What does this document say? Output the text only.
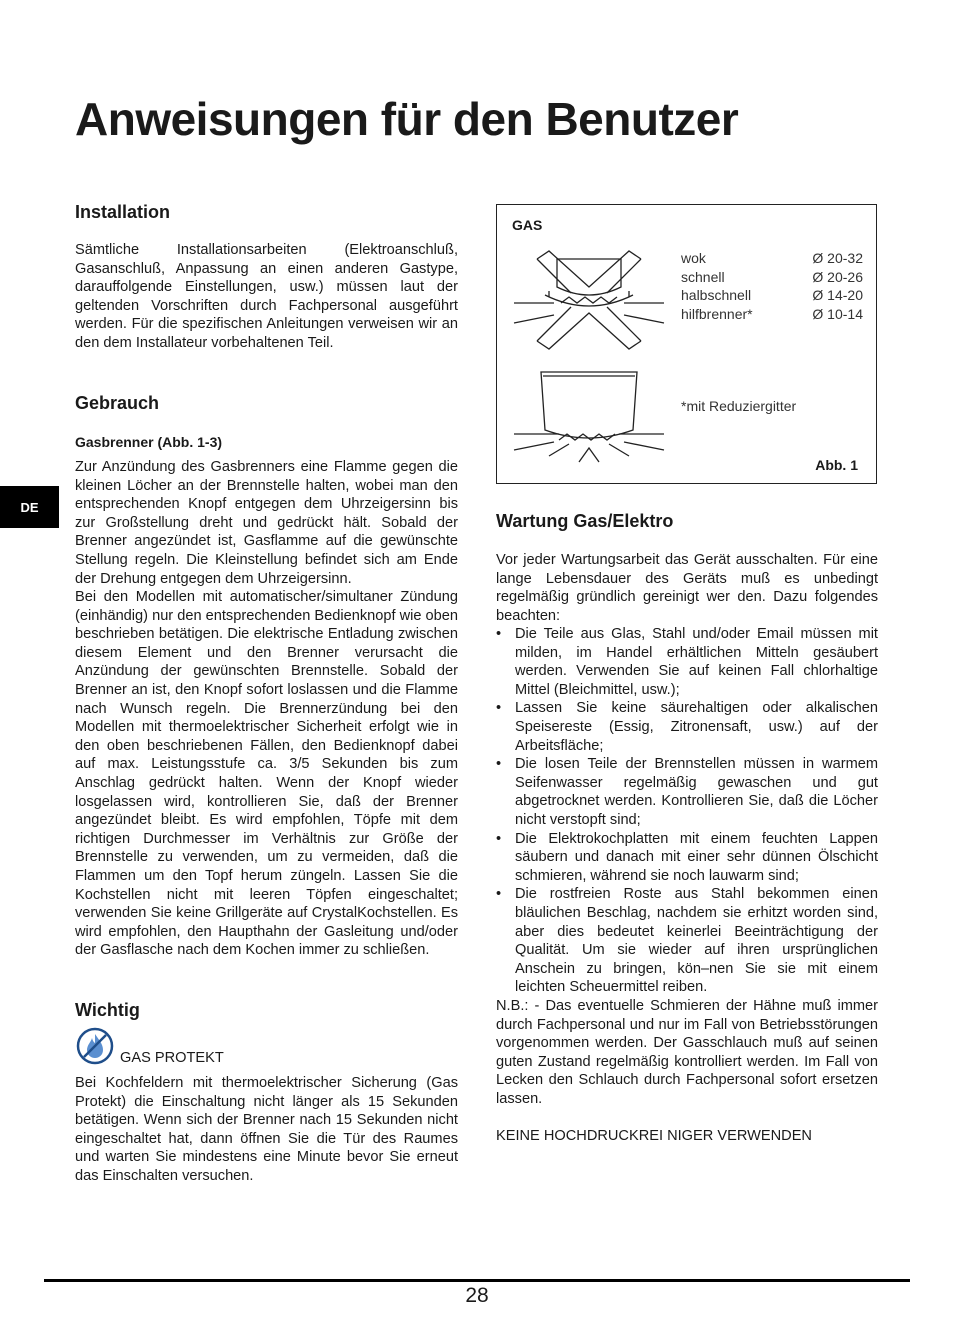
Anweisungen für den Benutzer
DE
Installation

Sämtliche Installationsarbeiten (Elektroanschluß, Gasanschluß, Anpassung an einen anderen Gastype, darauffolgende Einstellungen, usw.) müssen laut der geltenden Vorschriften durch Fachpersonal ausgeführt werden. Für die spezifischen Anleitungen verweisen wir an den dem Installateur vorbehaltenen Teil.

Gebrauch
Gasbrenner (Abb. 1-3)

Zur Anzündung des Gasbrenners eine Flamme gegen die kleinen Löcher an der Brennstelle halten, wobei man den entsprechenden Knopf entgegen dem Uhrzeigersinn bis zur Großstellung dreht und gedrückt hält. Sobald der Brenner angezündet ist, Gasflamme auf die gewünschte Stellung regeln. Die Kleinstellung befindet sich am Ende der Drehung entgegen dem Uhrzeigersinn.

Bei den Modellen mit automatischer/simultaner Zündung (einhändig) nur den entsprechenden Bedienknopf wie oben beschrieben betätigen. Die elektrische Entladung zwischen diesem Element und den Brenner verursacht die Anzündung der gewünschten Brennstelle. Sobald der Brenner an ist, den Knopf sofort loslassen und die Flamme nach Wunsch regeln. Die Brennerzündung bei den Modellen mit thermoelektrischer Sicherheit erfolgt wie in den oben beschriebenen Fällen, den Bedienknopf dabei auf max. Leistungsstufe ca. 3/5 Sekunden bis zum Anschlag gedrückt halten. Wenn der Knopf wieder losgelassen wird, kontrollieren Sie, daß der Brenner angezündet bleibt. Es wird empfohlen, Töpfe mit dem richtigen Durchmesser im Verhältnis zur Größe der Brennstelle zu verwenden, um zu vermeiden, daß die Flammen um den Topf herum züngeln. Lassen Sie die Kochstellen nicht mit leeren Töpfen eingeschaltet; verwenden Sie keine Grillgeräte auf CrystalKochstellen. Es wird empfohlen, den Haupthahn der Gasleitung und/oder der Gasflasche nach dem Kochen immer zu schließen.

Wichtig
GAS PROTEKT

Bei Kochfeldern mit thermoelektrischer Sicherung (Gas Protekt) die Einschaltung nicht länger als 15 Sekunden betätigen. Wenn sich der Brenner nach 15 Sekunden nicht eingeschaltet hat, dann öffnen Sie die Tür des Raumes und warten Sie mindestens eine Minute bevor Sie erneut das Einschalten versuchen.

GAS
wok	Ø 20-32
schnell	Ø 20-26
halbschnell	Ø 14-20
hilfbrenner*	Ø 10-14
*mit Reduziergitter
Abb. 1
Wartung Gas/Elektro

Vor jeder Wartungsarbeit das Gerät ausschalten. Für eine lange Lebensdauer des Geräts muß es unbedingt regelmäßig gründlich gereinigt wer den. Dazu folgendes beachten:

• Die Teile aus Glas, Stahl und/oder Email müssen mit milden, im Handel erhältlichen Mitteln gesäubert werden. Verwenden Sie auf keinen Fall chlorhaltige Mittel (Bleichmittel, usw.);
• Lassen Sie keine säurehaltigen oder alkalischen Speisereste (Essig, Zitronensaft, usw.) auf der Arbeitsfläche;
• Die losen Teile der Brennstellen müssen in warmem Seifenwasser regelmäßig gewaschen und gut abgetrocknet werden. Kontrollieren Sie, daß die Löcher nicht verstopft sind;
• Die Elektrokochplatten mit einem feuchten Lappen säubern und danach mit einer sehr dünnen Ölschicht schmieren, während sie noch lauwarm sind;
• Die rostfreien Roste aus Stahl bekommen einen bläulichen Beschlag, nachdem sie erhitzt worden sind, aber dies bedeutet keinerlei Beeinträchtigung der Qualität. Um sie wieder auf ihren ursprünglichen Anschein zu bringen, kön–nen Sie sie mit einem leichten Scheuermittel reiben.

N.B.: - Das eventuelle Schmieren der Hähne muß immer durch Fachpersonal und nur im Fall von Betriebsstörungen vorgenommen werden. Der Gasschlauch muß auf seinen guten Zustand regelmäßig kontrolliert werden. Im Fall von Lecken den Schlauch durch Fachpersonal sofort ersetzen lassen.

KEINE HOCHDRUCKREI NIGER VERWENDEN

28
